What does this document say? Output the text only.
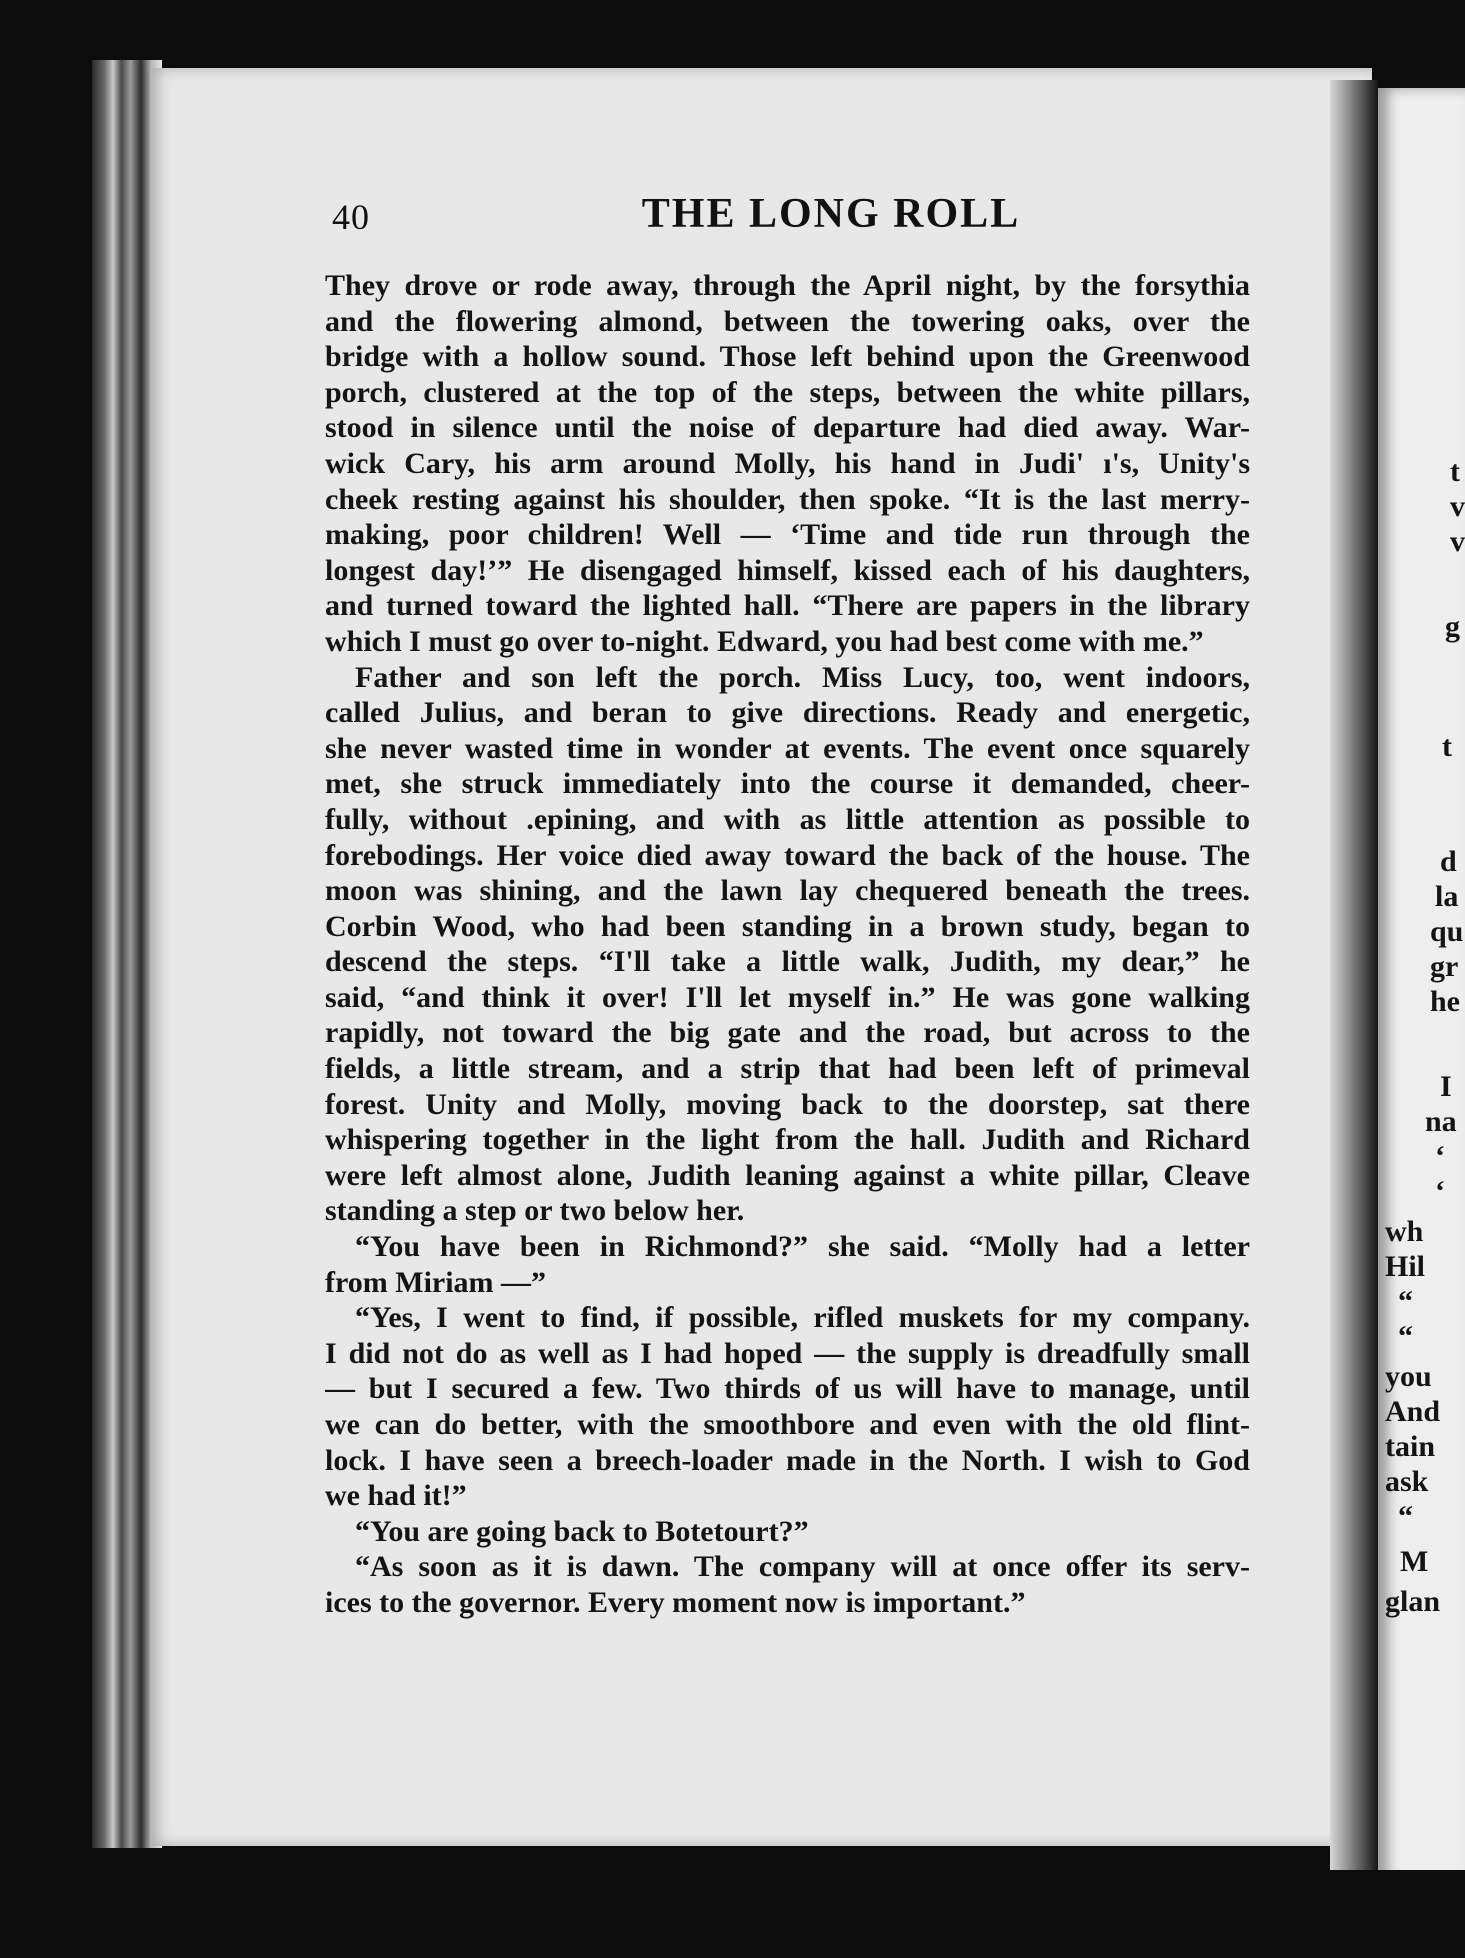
40	THE LONG ROLL
They drove or rode away, through the April night, by the forsythia
and the flowering almond, between the towering oaks, over the
bridge with a hollow sound. Those left behind upon the Greenwood
porch, clustered at the top of the steps, between the white pillars,
stood in silence until the noise of departure had died away. War-
wick Cary, his arm around Molly, his hand in Judi' ı's, Unity's
cheek resting against his shoulder, then spoke. “It is the last merry-
making, poor children! Well — ‘Time and tide run through the
longest day!’” He disengaged himself, kissed each of his daughters,
and turned toward the lighted hall. “There are papers in the library
which I must go over to-night. Edward, you had best come with me.”
 Father and son left the porch. Miss Lucy, too, went indoors,
called Julius, and be⁠r⁠an to give directions. Ready and energetic,
she never wasted time in wonder at events. The event once squarely
met, she struck immediately into the course it demanded, cheer-
fully, without .epining, and with as little attention as possible to
foreboding⁠s. Her voice died away toward the back of the house. The
moon was shining, and the lawn lay chequered beneath the trees.
Corbin Wood, who had been standing in a brown study, began to
descend the steps. “I'll take a little walk, Judith, my dear,” he
said, “and think it over! I'll let myself in.” He was gone walking
rapidly, not toward the big gate and the road, but across to the
fields, a little stream, and a strip that had been left of primeval
forest. Unity and Molly, moving back to the doorstep, sat there
whispering together in the light from the hall. Judith and Richard
were left almost alone, Judith leaning against a white pillar, Cleave
standing a step or two below her.
 “You have been in Richmond?” she said. “Molly had a letter
from Miriam —”
 “Yes, I went to find, if possible, rifled muskets for my company.
I did not do as well as I had hoped — the supply is dreadfully small
— but I secured a few. Two thirds of us will have to manage, until
we can do better, with the smoothbore and even with the old flint-
lock. I have seen a breech-loader made in the North. I wish to God
we had it!”
 “You are going back to Botetourt?”
 “As soon as it is dawn. The company will at once offer its serv-
ices to the governor. Every moment now is important.”
t
v
v
g
t
d
la
qu
gr
he
I
na
‘
‘
wh
Hil
“
“
you
And
tain
ask
“
M
glan
